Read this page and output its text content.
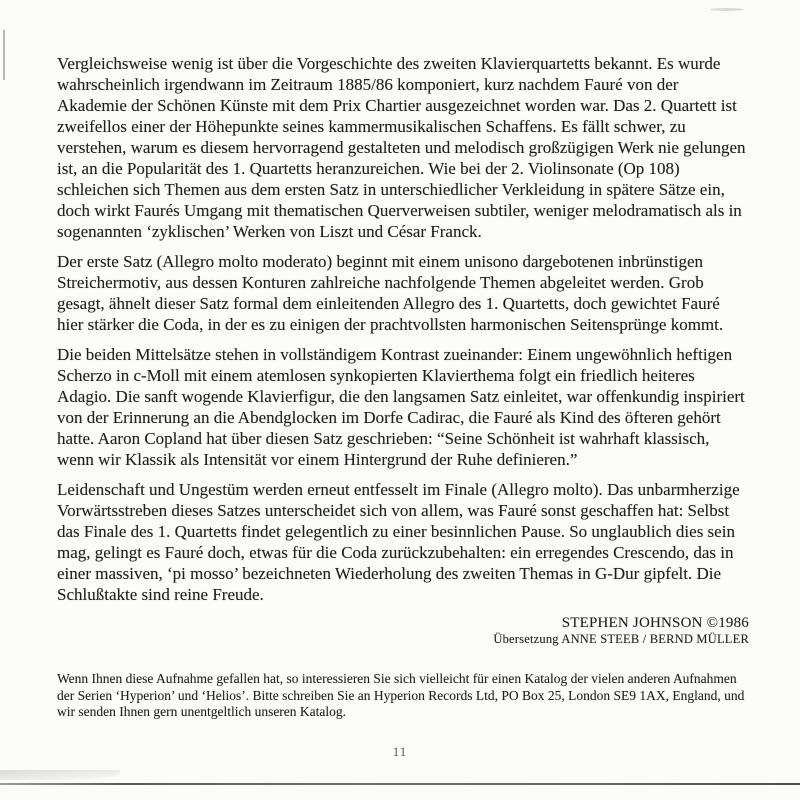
Vergleichsweise wenig ist über die Vorgeschichte des zweiten Klavierquartetts bekannt. Es wurde wahrscheinlich irgendwann im Zeitraum 1885/86 komponiert, kurz nachdem Fauré von der Akademie der Schönen Künste mit dem Prix Chartier ausgezeichnet worden war. Das 2. Quartett ist zweifellos einer der Höhepunkte seines kammermusikalischen Schaffens. Es fällt schwer, zu verstehen, warum es diesem hervorragend gestalteten und melodisch großzügigen Werk nie gelungen ist, an die Popularität des 1. Quartetts heranzureichen. Wie bei der 2. Violinsonate (Op 108) schleichen sich Themen aus dem ersten Satz in unterschiedlicher Verkleidung in spätere Sätze ein, doch wirkt Faurés Umgang mit thematischen Querverweisen subtiler, weniger melodramatisch als in sogenannten ‘zyklischen’ Werken von Liszt und César Franck.

Der erste Satz (Allegro molto moderato) beginnt mit einem unisono dargebotenen inbrünstigen Streichermotiv, aus dessen Konturen zahlreiche nachfolgende Themen abgeleitet werden. Grob gesagt, ähnelt dieser Satz formal dem einleitenden Allegro des 1. Quartetts, doch gewichtet Fauré hier stärker die Coda, in der es zu einigen der prachtvollsten harmonischen Seitensprünge kommt.

Die beiden Mittelsätze stehen in vollständigem Kontrast zueinander: Einem ungewöhnlich heftigen Scherzo in c-Moll mit einem atemlosen synkopierten Klavierthema folgt ein friedlich heiteres Adagio. Die sanft wogende Klavierfigur, die den langsamen Satz einleitet, war offenkundig inspiriert von der Erinnerung an die Abendglocken im Dorfe Cadirac, die Fauré als Kind des öfteren gehört hatte. Aaron Copland hat über diesen Satz geschrieben: “Seine Schönheit ist wahrhaft klassisch, wenn wir Klassik als Intensität vor einem Hintergrund der Ruhe definieren.”

Leidenschaft und Ungestüm werden erneut entfesselt im Finale (Allegro molto). Das unbarmherzige Vorwärtsstreben dieses Satzes unterscheidet sich von allem, was Fauré sonst geschaffen hat: Selbst das Finale des 1. Quartetts findet gelegentlich zu einer besinnlichen Pause. So unglaublich dies sein mag, gelingt es Fauré doch, etwas für die Coda zurückzubehalten: ein erregendes Crescendo, das in einer massiven, ‘pi mosso’ bezeichneten Wiederholung des zweiten Themas in G-Dur gipfelt. Die Schlußtakte sind reine Freude.

STEPHEN JOHNSON ©1986
Übersetzung ANNE STEEB / BERND MÜLLER

Wenn Ihnen diese Aufnahme gefallen hat, so interessieren Sie sich vielleicht für einen Katalog der vielen anderen Aufnahmen der Serien ‘Hyperion’ und ‘Helios’. Bitte schreiben Sie an Hyperion Records Ltd, PO Box 25, London SE9 1AX, England, und wir senden Ihnen gern unentgeltlich unseren Katalog.

11
